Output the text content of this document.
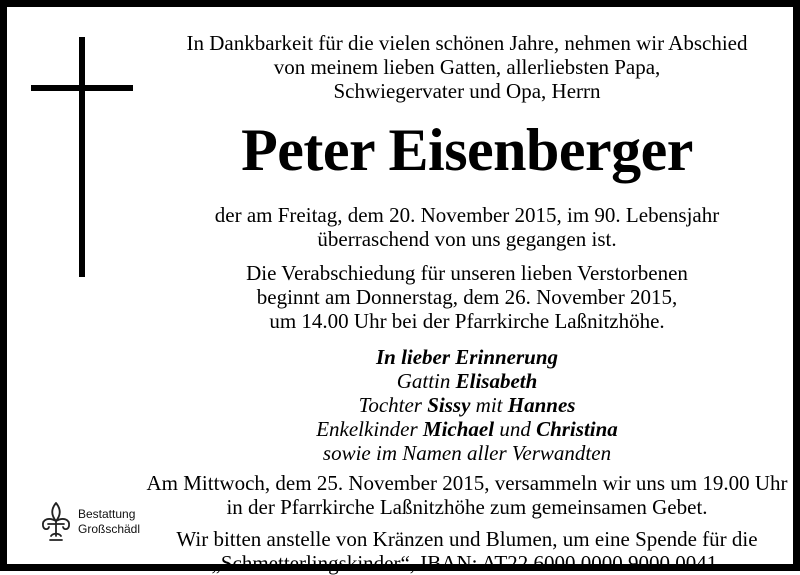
In Dankbarkeit für die vielen schönen Jahre, nehmen wir Abschied

von meinem lieben Gatten, allerliebsten Papa,

Schwiegervater und Opa, Herrn

Peter Eisenberger

der am Freitag, dem 20. November 2015, im 90. Lebensjahr

überraschend von uns gegangen ist.

Die Verabschiedung für unseren lieben Verstorbenen

beginnt am Donnerstag, dem 26. November 2015,

um 14.00 Uhr bei der Pfarrkirche Laßnitzhöhe.

In lieber Erinnerung

Gattin Elisabeth

Tochter Sissy mit Hannes

Enkelkinder Michael und Christina

sowie im Namen aller Verwandten

Am Mittwoch, dem 25. November 2015, versammeln wir uns um 19.00 Uhr

in der Pfarrkirche Laßnitzhöhe zum gemeinsamen Gebet.

Wir bitten anstelle von Kränzen und Blumen, um eine Spende für die

„Schmetterlingskinder“, IBAN: AT22 6000 0000 9000 0041.

Bestattung
Großschädl
